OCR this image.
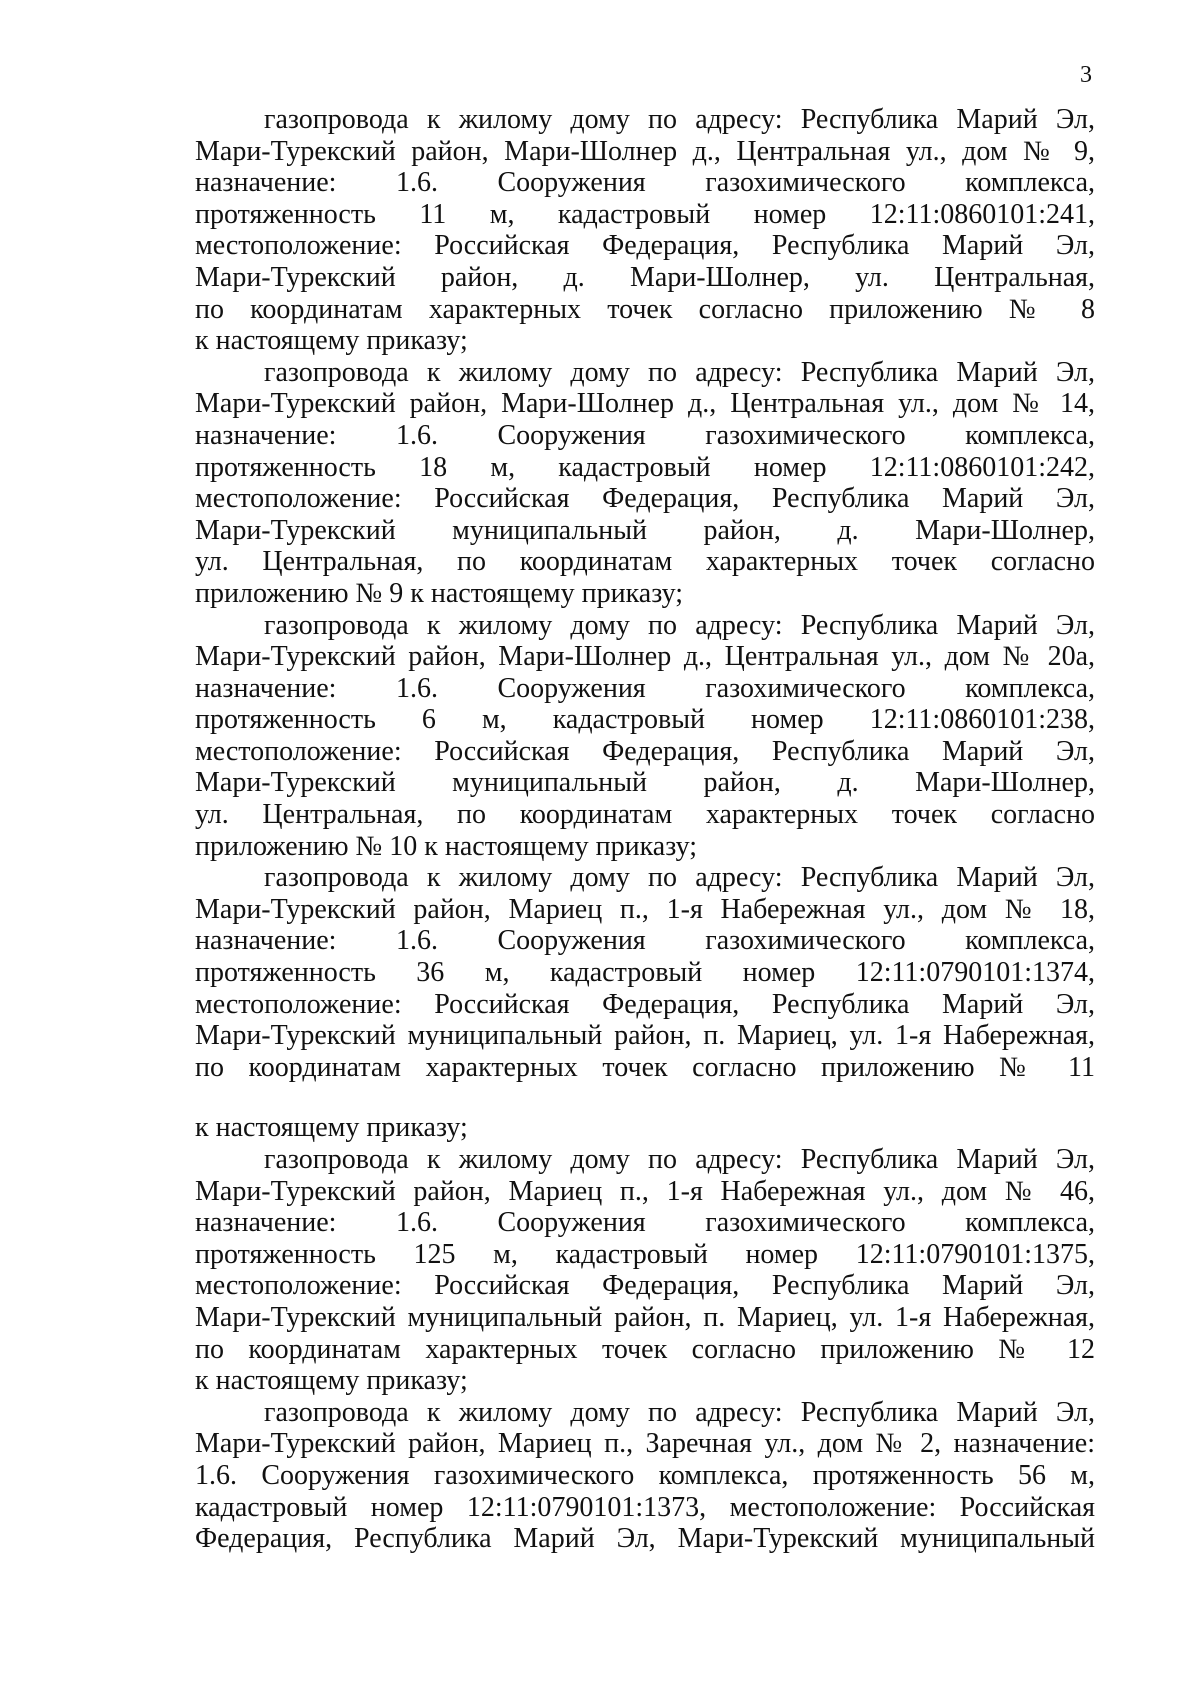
3
газопровода к жилому дому по адресу: Республика Марий Эл,
Мари-Турекский район, Мари-Шолнер д., Центральная ул., дом № 9,
назначение: 1.6. Сооружения газохимического комплекса,
протяженность 11 м, кадастровый номер 12:11:0860101:241,
местоположение: Российская Федерация, Республика Марий Эл,
Мари-Турекский район, д. Мари-Шолнер, ул. Центральная,
по координатам характерных точек согласно приложению № 8
к настоящему приказу;
газопровода к жилому дому по адресу: Республика Марий Эл,
Мари-Турекский район, Мари-Шолнер д., Центральная ул., дом № 14,
назначение: 1.6. Сооружения газохимического комплекса,
протяженность 18 м, кадастровый номер 12:11:0860101:242,
местоположение: Российская Федерация, Республика Марий Эл,
Мари-Турекский муниципальный район, д. Мари-Шолнер,
ул. Центральная, по координатам характерных точек согласно
приложению № 9 к настоящему приказу;
газопровода к жилому дому по адресу: Республика Марий Эл,
Мари-Турекский район, Мари-Шолнер д., Центральная ул., дом № 20а,
назначение: 1.6. Сооружения газохимического комплекса,
протяженность 6 м, кадастровый номер 12:11:0860101:238,
местоположение: Российская Федерация, Республика Марий Эл,
Мари-Турекский муниципальный район, д. Мари-Шолнер,
ул. Центральная, по координатам характерных точек согласно
приложению № 10 к настоящему приказу;
газопровода к жилому дому по адресу: Республика Марий Эл,
Мари-Турекский район, Мариец п., 1-я Набережная ул., дом № 18,
назначение: 1.6. Сооружения газохимического комплекса,
протяженность 36 м, кадастровый номер 12:11:0790101:1374,
местоположение: Российская Федерация, Республика Марий Эл,
Мари-Турекский муниципальный район, п. Мариец, ул. 1-я Набережная,
по координатам характерных точек согласно приложению № 11
к настоящему приказу;
газопровода к жилому дому по адресу: Республика Марий Эл,
Мари-Турекский район, Мариец п., 1-я Набережная ул., дом № 46,
назначение: 1.6. Сооружения газохимического комплекса,
протяженность 125 м, кадастровый номер 12:11:0790101:1375,
местоположение: Российская Федерация, Республика Марий Эл,
Мари-Турекский муниципальный район, п. Мариец, ул. 1-я Набережная,
по координатам характерных точек согласно приложению № 12
к настоящему приказу;
газопровода к жилому дому по адресу: Республика Марий Эл,
Мари-Турекский район, Мариец п., Заречная ул., дом № 2, назначение:
1.6. Сооружения газохимического комплекса, протяженность 56 м,
кадастровый номер 12:11:0790101:1373, местоположение: Российская
Федерация, Республика Марий Эл, Мари-Турекский муниципальный
